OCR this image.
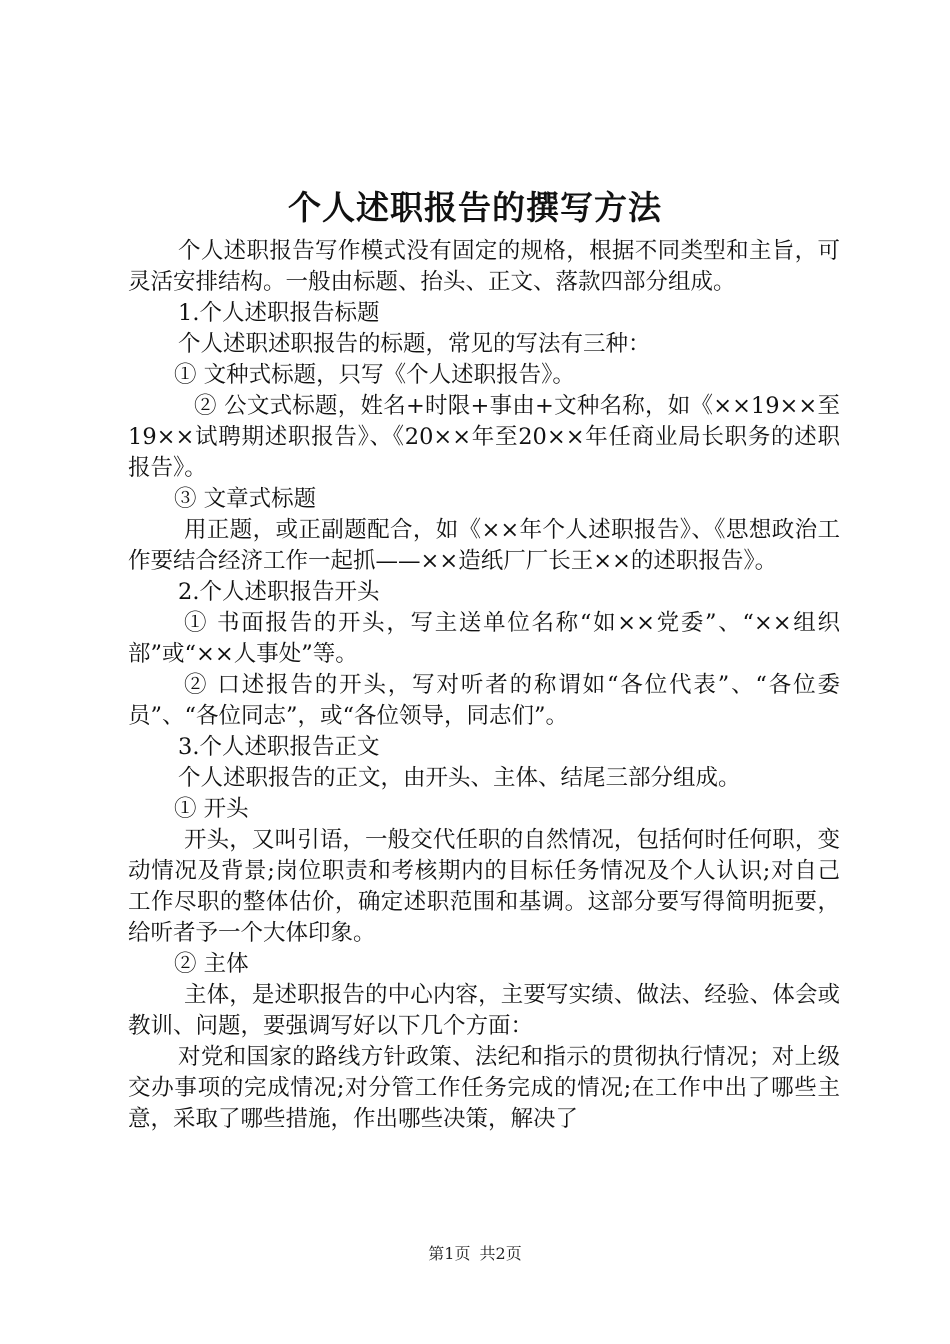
个人述职报告的撰写方法

个人述职报告写作模式没有固定的规格，根据不同类型和主旨，可灵活安排结构。一般由标题、抬头、正文、落款四部分组成。

1.个人述职报告标题

个人述职述职报告的标题，常见的写法有三种：

① 文种式标题，只写《个人述职报告》。

② 公文式标题，姓名+时限+事由+文种名称，如《××19××至19××试聘期述职报告》、《20××年至20××年任商业局长职务的述职报告》。

③ 文章式标题

用正题，或正副题配合，如《××年个人述职报告》、《思想政治工作要结合经济工作一起抓——××造纸厂厂长王××的述职报告》。

2.个人述职报告开头

① 书面报告的开头，写主送单位名称“如××党委”、“××组织部”或“××人事处”等。

② 口述报告的开头，写对听者的称谓如“各位代表”、“各位委员”、“各位同志”，或“各位领导，同志们”。

3.个人述职报告正文

个人述职报告的正文，由开头、主体、结尾三部分组成。

① 开头

开头，又叫引语，一般交代任职的自然情况，包括何时任何职，变动情况及背景;岗位职责和考核期内的目标任务情况及个人认识;对自己工作尽职的整体估价，确定述职范围和基调。这部分要写得简明扼要，给听者予一个大体印象。

② 主体

主体，是述职报告的中心内容，主要写实绩、做法、经验、体会或教训、问题，要强调写好以下几个方面：

对党和国家的路线方针政策、法纪和指示的贯彻执行情况；对上级交办事项的完成情况;对分管工作任务完成的情况;在工作中出了哪些主意，采取了哪些措施，作出哪些决策，解决了

第1页 共2页
